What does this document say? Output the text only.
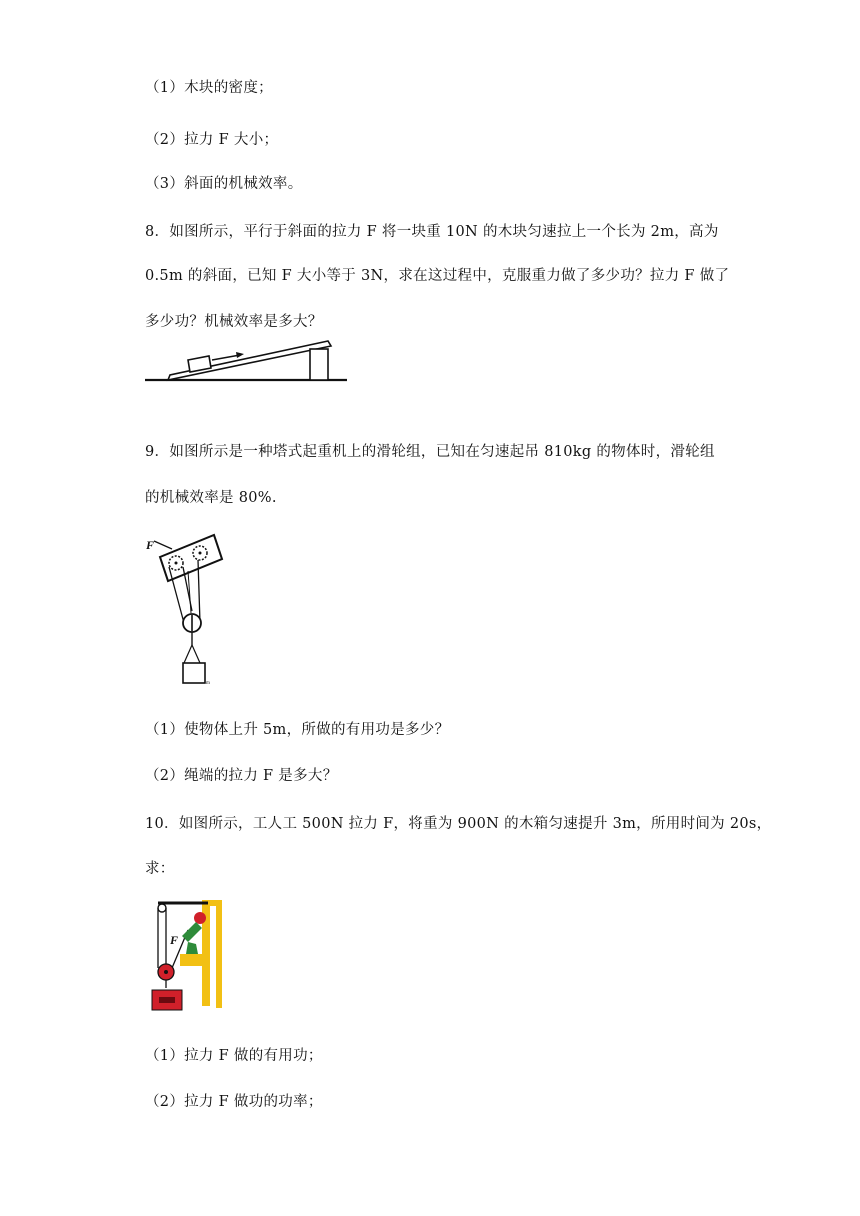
（1）木块的密度；
（2）拉力 F 大小；
（3）斜面的机械效率。
8．如图所示，平行于斜面的拉力 F 将一块重 10N 的木块匀速拉上一个长为 2m，高为
0.5m 的斜面，已知 F 大小等于 3N，求在这过程中，克服重力做了多少功？拉力 F 做了
多少功？机械效率是多大？
9．如图所示是一种塔式起重机上的滑轮组，已知在匀速起吊 810kg 的物体时，滑轮组
的机械效率是 80%.
F
m
（1）使物体上升 5m，所做的有用功是多少？
（2）绳端的拉力 F 是多大？
10．如图所示，工人工 500N 拉力 F，将重为 900N 的木箱匀速提升 3m，所用时间为 20s，
求：
F
（1）拉力 F 做的有用功；
（2）拉力 F 做功的功率；
